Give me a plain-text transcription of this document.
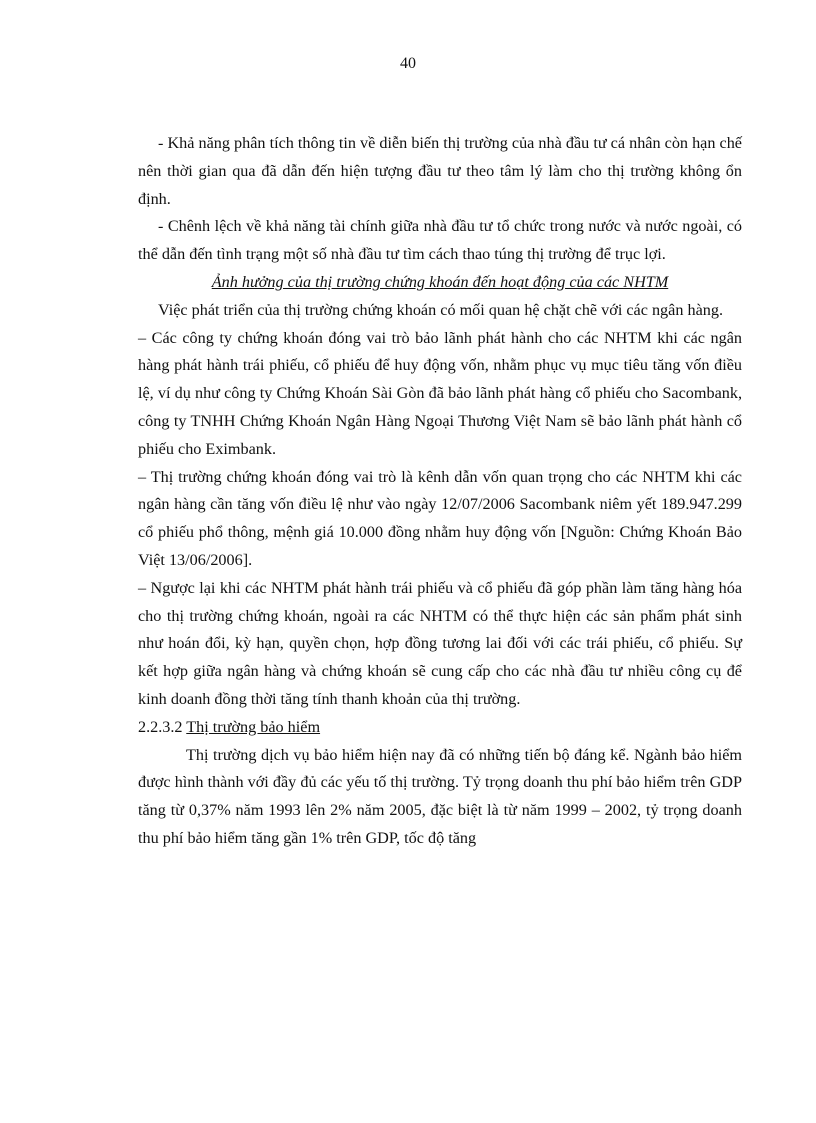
40

- Khả năng phân tích thông tin về diễn biến thị trường của nhà đầu tư cá nhân còn hạn chế nên thời gian qua đã dẫn đến hiện tượng đầu tư theo tâm lý làm cho thị trường không ổn định.

- Chênh lệch về khả năng tài chính giữa nhà đầu tư tổ chức trong nước và nước ngoài, có thể dẫn đến tình trạng một số nhà đầu tư tìm cách thao túng thị trường để trục lợi.

Ảnh hưởng của thị trường chứng khoán đến hoạt động của các NHTM

Việc phát triển của thị trường chứng khoán có mối quan hệ chặt chẽ với các ngân hàng.

– Các công ty chứng khoán đóng vai trò bảo lãnh phát hành cho các NHTM khi các ngân hàng phát hành trái phiếu, cổ phiếu để huy động vốn, nhằm phục vụ mục tiêu tăng vốn điều lệ, ví dụ như công ty Chứng Khoán Sài Gòn đã bảo lãnh phát hàng cổ phiếu cho Sacombank, công ty TNHH Chứng Khoán Ngân Hàng Ngoại Thương Việt Nam sẽ bảo lãnh phát hành cổ phiếu cho Eximbank.

– Thị trường chứng khoán đóng vai trò là kênh dẫn vốn quan trọng cho các NHTM khi các ngân hàng cần tăng vốn điều lệ như vào ngày 12/07/2006 Sacombank niêm yết 189.947.299 cổ phiếu phổ thông, mệnh giá 10.000 đồng nhằm huy động vốn [Nguồn: Chứng Khoán Bảo Việt 13/06/2006].

– Ngược lại khi các NHTM phát hành trái phiếu và cổ phiếu đã góp phần làm tăng hàng hóa cho thị trường chứng khoán, ngoài ra các NHTM có thể thực hiện các sản phẩm phát sinh như hoán đổi, kỳ hạn, quyền chọn, hợp đồng tương lai đối với các trái phiếu, cổ phiếu. Sự kết hợp giữa ngân hàng và chứng khoán sẽ cung cấp cho các nhà đầu tư nhiều công cụ để kinh doanh đồng thời tăng tính thanh khoản của thị trường.

2.2.3.2 Thị trường bảo hiểm

Thị trường dịch vụ bảo hiểm hiện nay đã có những tiến bộ đáng kể. Ngành bảo hiểm được hình thành với đầy đủ các yếu tố thị trường. Tỷ trọng doanh thu phí bảo hiểm trên GDP tăng từ 0,37% năm 1993 lên 2% năm 2005, đặc biệt là từ năm 1999 – 2002, tỷ trọng doanh thu phí bảo hiểm tăng gần 1% trên GDP, tốc độ tăng
